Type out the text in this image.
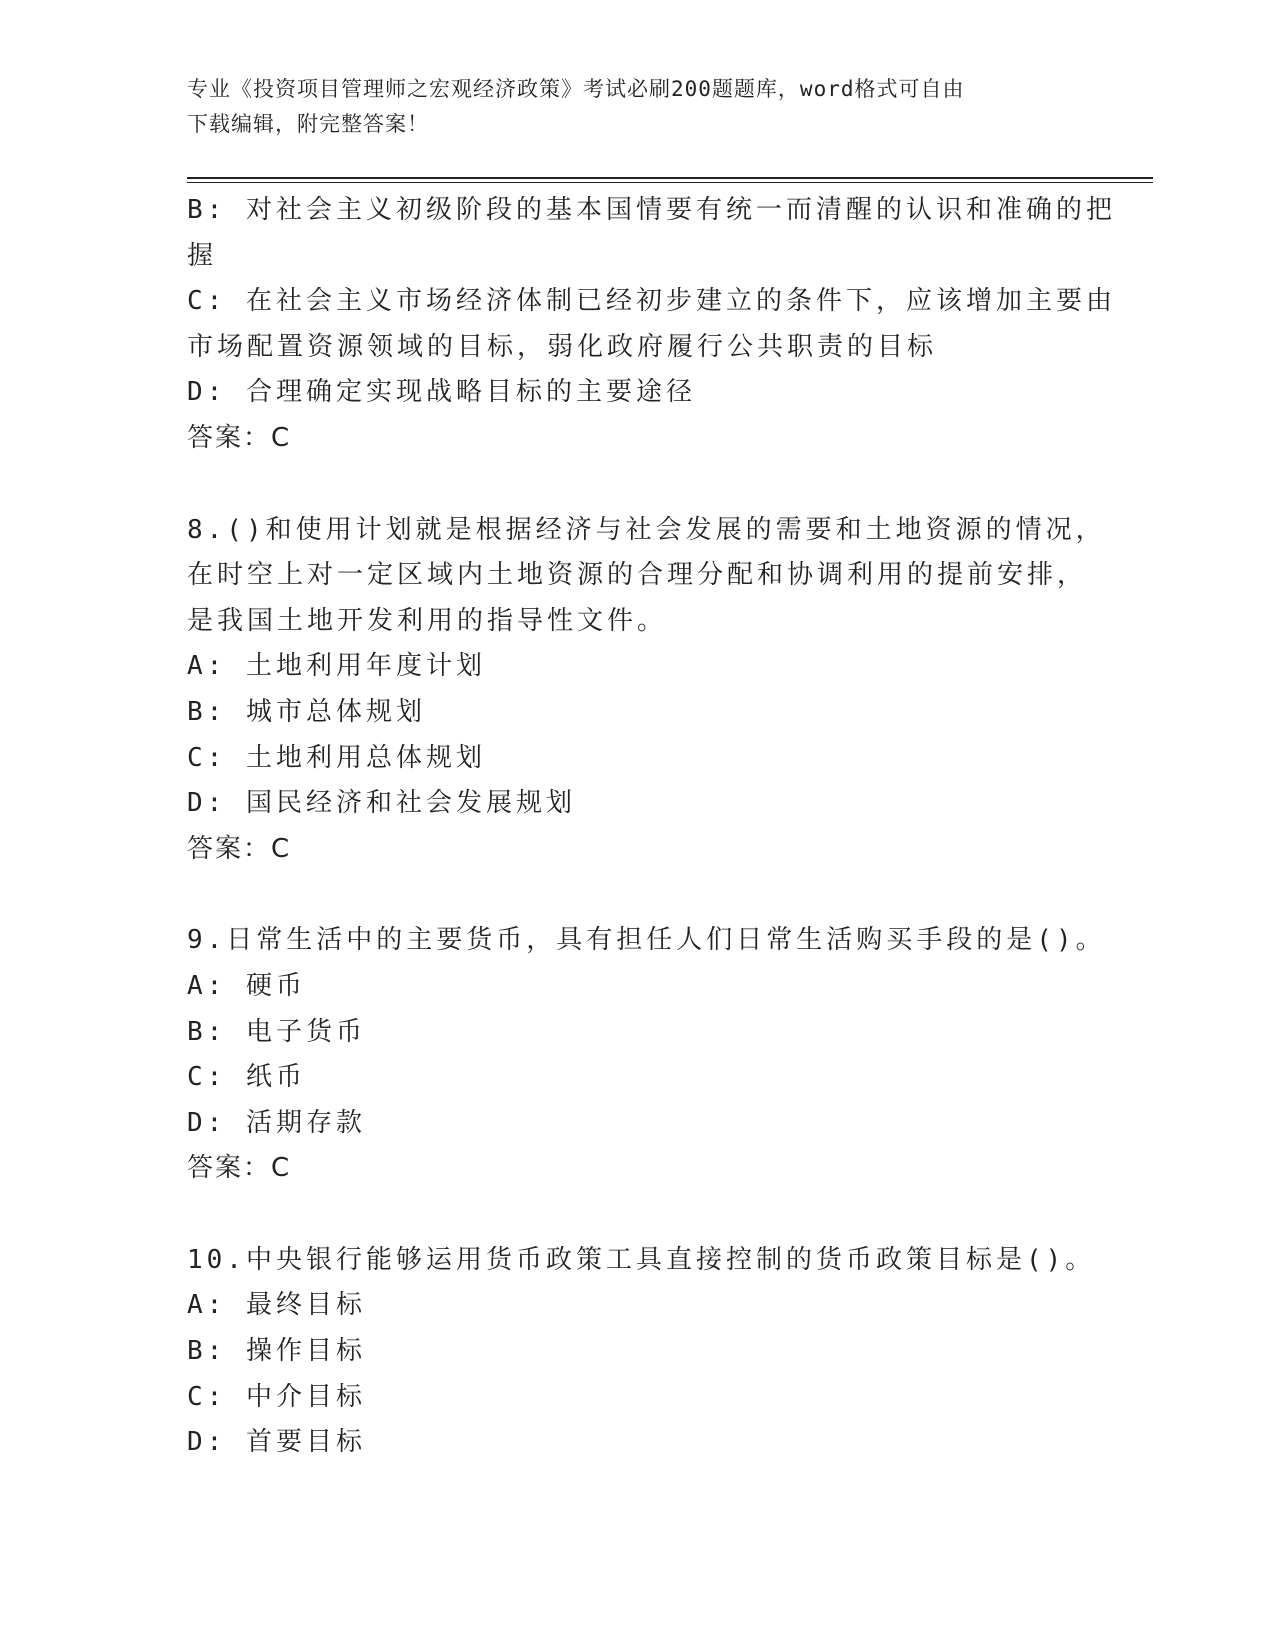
专业《投资项目管理师之宏观经济政策》考试必刷200题题库，word格式可自由
下载编辑，附完整答案！
B: 对社会主义初级阶段的基本国情要有统一而清醒的认识和准确的把
握
C: 在社会主义市场经济体制已经初步建立的条件下，应该增加主要由
市场配置资源领域的目标，弱化政府履行公共职责的目标
D: 合理确定实现战略目标的主要途径
答案：C
8.()和使用计划就是根据经济与社会发展的需要和土地资源的情况，
在时空上对一定区域内土地资源的合理分配和协调利用的提前安排，
是我国土地开发利用的指导性文件。
A: 土地利用年度计划
B: 城市总体规划
C: 土地利用总体规划
D: 国民经济和社会发展规划
答案：C
9.日常生活中的主要货币，具有担任人们日常生活购买手段的是()。
A: 硬币
B: 电子货币
C: 纸币
D: 活期存款
答案：C
10.中央银行能够运用货币政策工具直接控制的货币政策目标是()。
A: 最终目标
B: 操作目标
C: 中介目标
D: 首要目标
